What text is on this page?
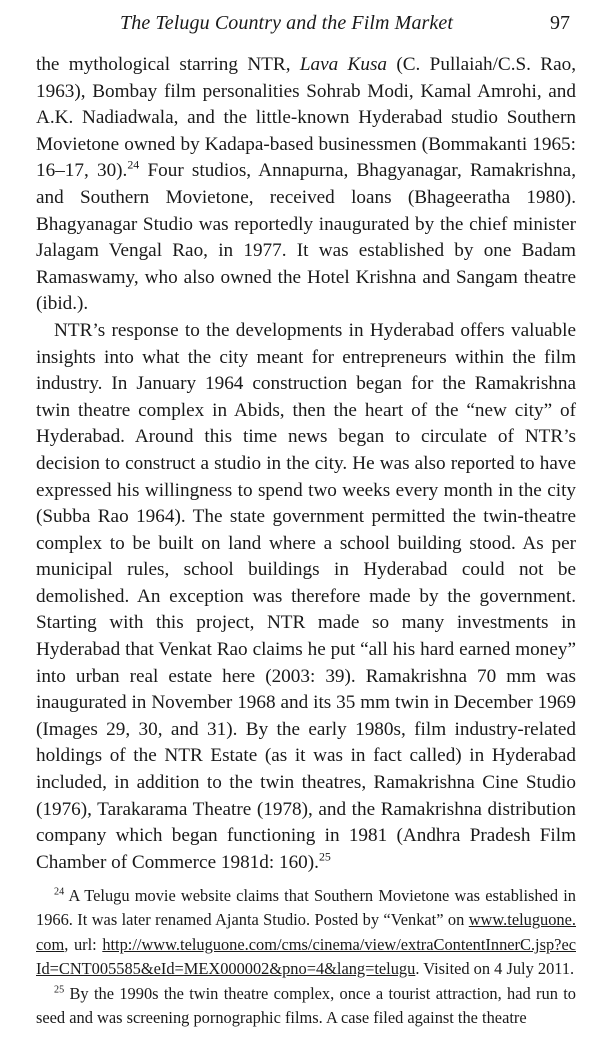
The Telugu Country and the Film Market	97

the mythological starring NTR, Lava Kusa (C. Pullaiah/C.S. Rao, 1963), Bombay film personalities Sohrab Modi, Kamal Amrohi, and A.K. Nadiadwala, and the little-known Hyderabad studio Southern Movietone owned by Kadapa-based businessmen (Bommakanti 1965: 16–17, 30).$^{24}$ Four studios, Annapurna, Bhagyanagar, Ramakrishna, and Southern Movietone, received loans (Bhageeratha 1980). Bhagyanagar Studio was reportedly inaugurated by the chief minister Jalagam Vengal Rao, in 1977. It was established by one Badam Ramaswamy, who also owned the Hotel Krishna and Sangam theatre (ibid.).

NTR’s response to the developments in Hyderabad offers valuable insights into what the city meant for entrepreneurs within the film industry. In January 1964 construction began for the Ramakrishna twin theatre complex in Abids, then the heart of the “new city” of Hyderabad. Around this time news began to circulate of NTR’s decision to construct a studio in the city. He was also reported to have expressed his willingness to spend two weeks every month in the city (Subba Rao 1964). The state government permitted the twin-theatre complex to be built on land where a school building stood. As per municipal rules, school buildings in Hyderabad could not be demolished. An exception was therefore made by the government. Starting with this project, NTR made so many investments in Hyderabad that Venkat Rao claims he put “all his hard earned money” into urban real estate here (2003: 39). Ramakrishna 70 mm was inaugurated in November 1968 and its 35 mm twin in December 1969 (Images 29, 30, and 31). By the early 1980s, film industry-related holdings of the NTR Estate (as it was in fact called) in Hyderabad included, in addition to the twin theatres, Ramakrishna Cine Studio (1976), Tarakarama Theatre (1978), and the Ramakrishna distribution company which began functioning in 1981 (Andhra Pradesh Film Chamber of Commerce 1981d: 160).$^{25}$

$^{24}$ A Telugu movie website claims that Southern Movietone was established in 1966. It was later renamed Ajanta Studio. Posted by “Venkat” on www.teluguone.com, url: http://www.teluguone.com/cms/cinema/view/extraContentInnerC.jsp?ecId=CNT005585&eId=MEX000002&pno=4&lang=telugu. Visited on 4 July 2011.

$^{25}$ By the 1990s the twin theatre complex, once a tourist attraction, had run to seed and was screening pornographic films. A case filed against the theatre
